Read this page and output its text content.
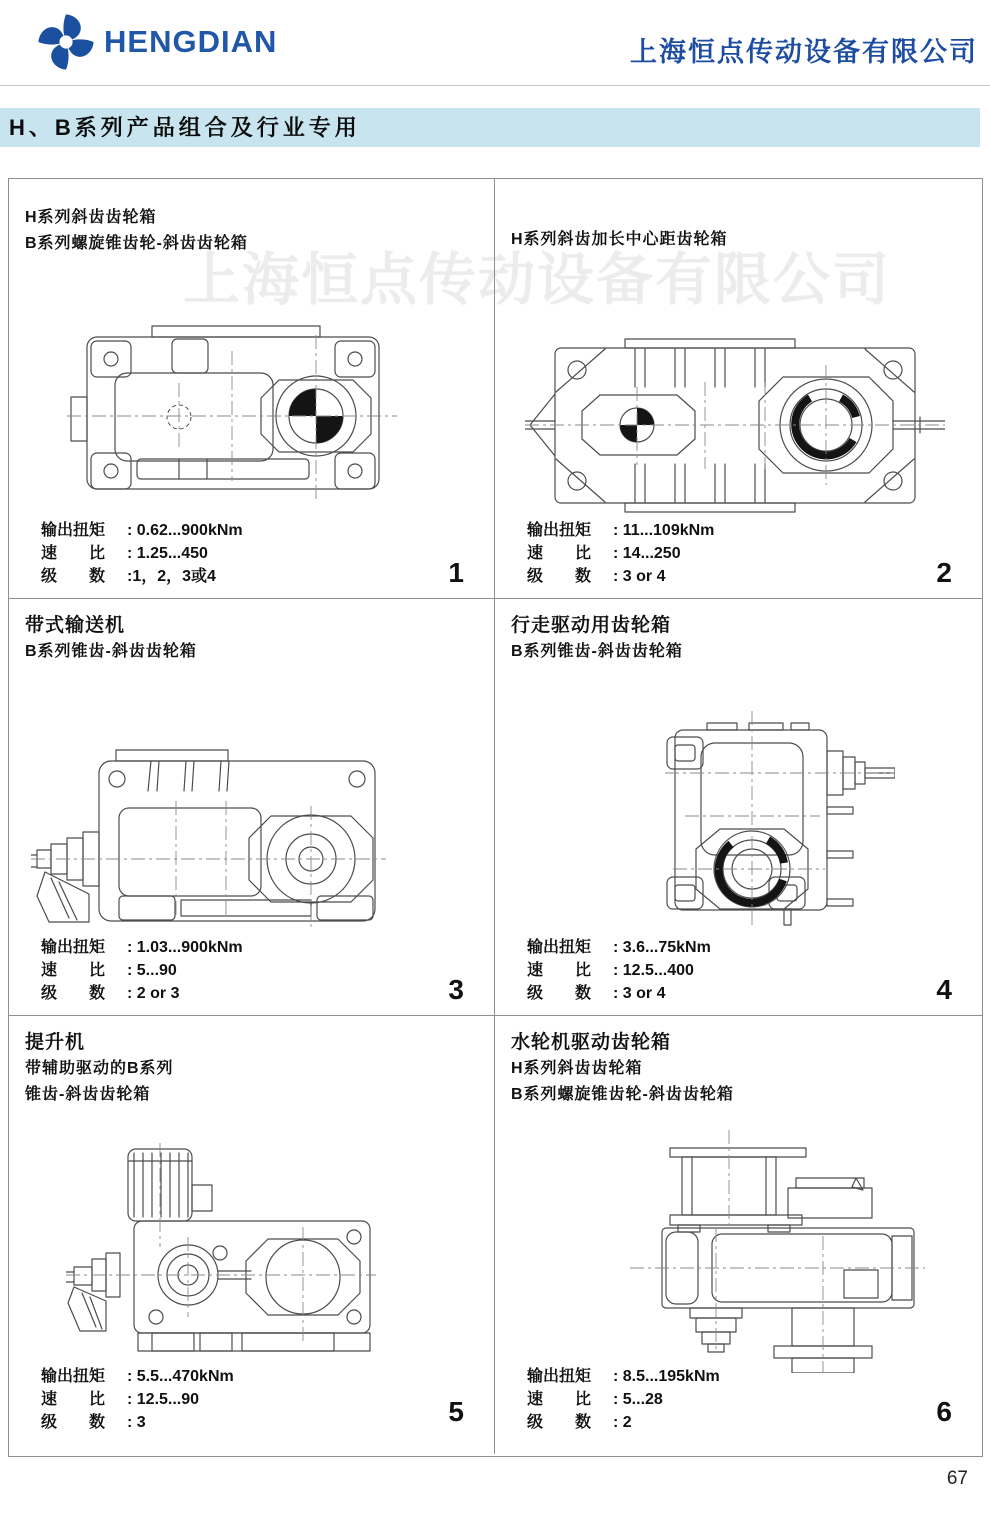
HENGDIAN	上海恒点传动设备有限公司
H、B系列产品组合及行业专用
上海恒点传动设备有限公司
H系列斜齿齿轮箱
B系列螺旋锥齿轮-斜齿齿轮箱
输出扭矩 : 0.62...900kNm
速　　比 : 1.25...450
级　　数 :1，2，3或4	1
H系列斜齿加长中心距齿轮箱
输出扭矩 : 11...109kNm
速　　比 : 14...250
级　　数 : 3 or 4	2
带式输送机
B系列锥齿-斜齿齿轮箱
输出扭矩 : 1.03...900kNm
速　　比 : 5...90
级　　数 : 2 or 3	3
行走驱动用齿轮箱
B系列锥齿-斜齿齿轮箱
输出扭矩 : 3.6...75kNm
速　　比 : 12.5...400
级　　数 : 3 or 4	4
提升机
带辅助驱动的B系列
锥齿-斜齿齿轮箱
输出扭矩 : 5.5...470kNm
速　　比 : 12.5...90
级　　数 : 3	5
水轮机驱动齿轮箱
H系列斜齿齿轮箱
B系列螺旋锥齿轮-斜齿齿轮箱
输出扭矩 : 8.5...195kNm
速　　比 : 5...28
级　　数 : 2	6
67
